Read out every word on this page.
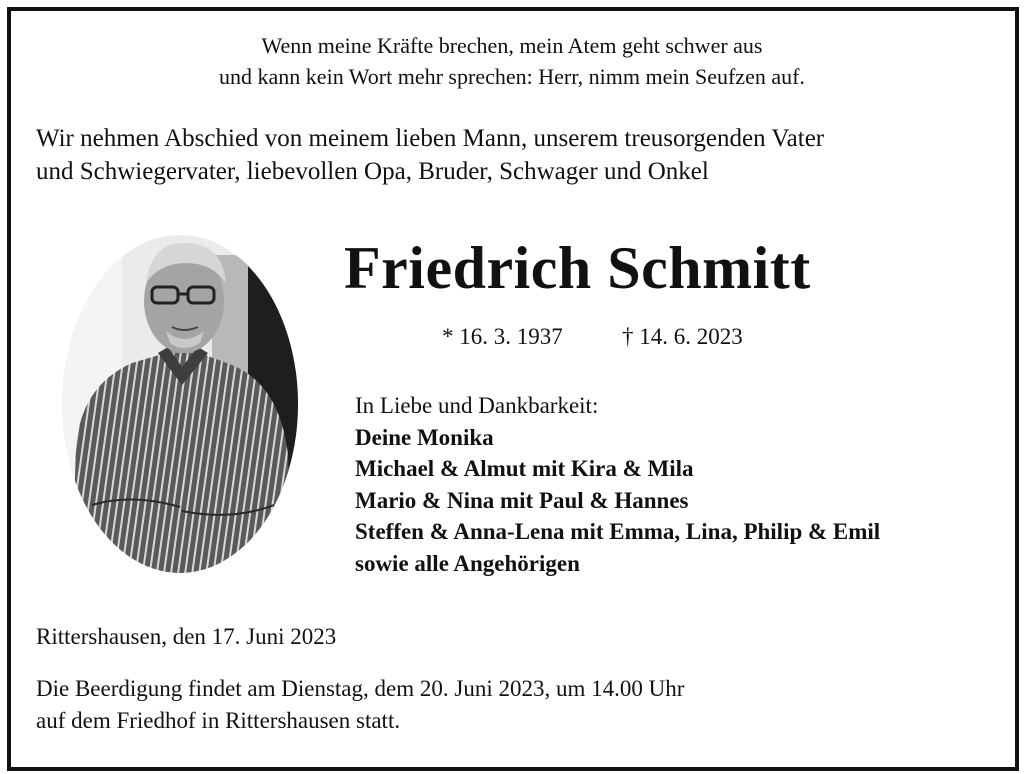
Wenn meine Kräfte brechen, mein Atem geht schwer aus
und kann kein Wort mehr sprechen: Herr, nimm mein Seufzen auf.
Wir nehmen Abschied von meinem lieben Mann, unserem treusorgenden Vater
und Schwiegervater, liebevollen Opa, Bruder, Schwager und Onkel
Friedrich Schmitt
* 16. 3. 1937	† 14. 6. 2023
In Liebe und Dankbarkeit:
Deine Monika
Michael & Almut mit Kira & Mila
Mario & Nina mit Paul & Hannes
Steffen & Anna-Lena mit Emma, Lina, Philip & Emil
sowie alle Angehörigen
Rittershausen, den 17. Juni 2023
Die Beerdigung findet am Dienstag, dem 20. Juni 2023, um 14.00 Uhr
auf dem Friedhof in Rittershausen statt.
